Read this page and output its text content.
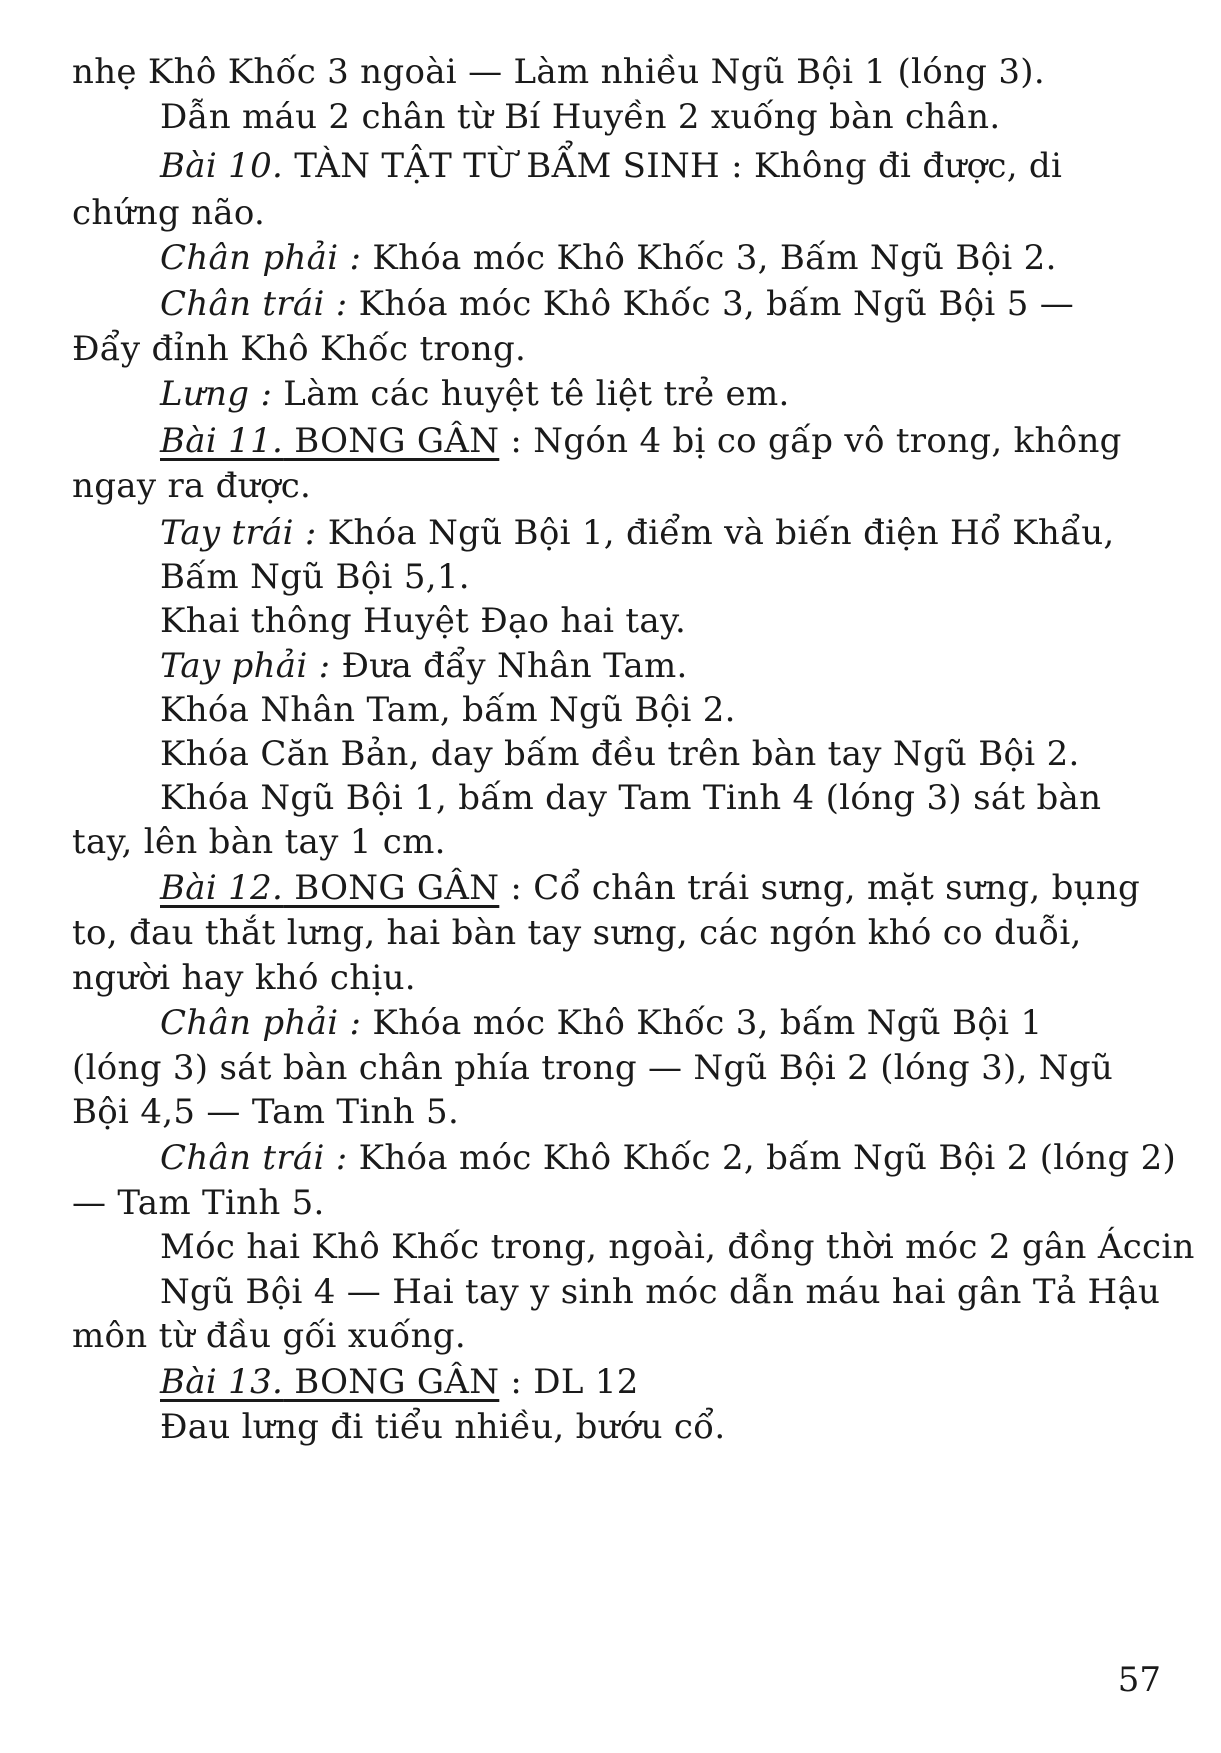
nhẹ Khô Khốc 3 ngoài — Làm nhiều Ngũ Bội 1 (lóng 3).
Dẫn máu 2 chân từ Bí Huyền 2 xuống bàn chân.
Bài 10. TÀN TẬT TỪ BẨM SINH : Không đi được, di
chứng não.
Chân phải : Khóa móc Khô Khốc 3, Bấm Ngũ Bội 2.
Chân trái : Khóa móc Khô Khốc 3, bấm Ngũ Bội 5 —
Đẩy đỉnh Khô Khốc trong.
Lưng : Làm các huyệt tê liệt trẻ em.
Bài 11. BONG GÂN : Ngón 4 bị co gấp vô trong, không
ngay ra được.
Tay trái : Khóa Ngũ Bội 1, điểm và biến điện Hổ Khẩu,
Bấm Ngũ Bội 5,1.
Khai thông Huyệt Đạo hai tay.
Tay phải : Đưa đẩy Nhân Tam.
Khóa Nhân Tam, bấm Ngũ Bội 2.
Khóa Căn Bản, day bấm đều trên bàn tay Ngũ Bội 2.
Khóa Ngũ Bội 1, bấm day Tam Tinh 4 (lóng 3) sát bàn
tay, lên bàn tay 1 cm.
Bài 12. BONG GÂN : Cổ chân trái sưng, mặt sưng, bụng
to, đau thắt lưng, hai bàn tay sưng, các ngón khó co duỗi,
người hay khó chịu.
Chân phải : Khóa móc Khô Khốc 3, bấm Ngũ Bội 1
(lóng 3) sát bàn chân phía trong — Ngũ Bội 2 (lóng 3), Ngũ
Bội 4,5 — Tam Tinh 5.
Chân trái : Khóa móc Khô Khốc 2, bấm Ngũ Bội 2 (lóng 2)
— Tam Tinh 5.
Móc hai Khô Khốc trong, ngoài, đồng thời móc 2 gân Áccin
Ngũ Bội 4 — Hai tay y sinh móc dẫn máu hai gân Tả Hậu
môn từ đầu gối xuống.
Bài 13. BONG GÂN : DL 12
Đau lưng đi tiểu nhiều, bướu cổ.
57
